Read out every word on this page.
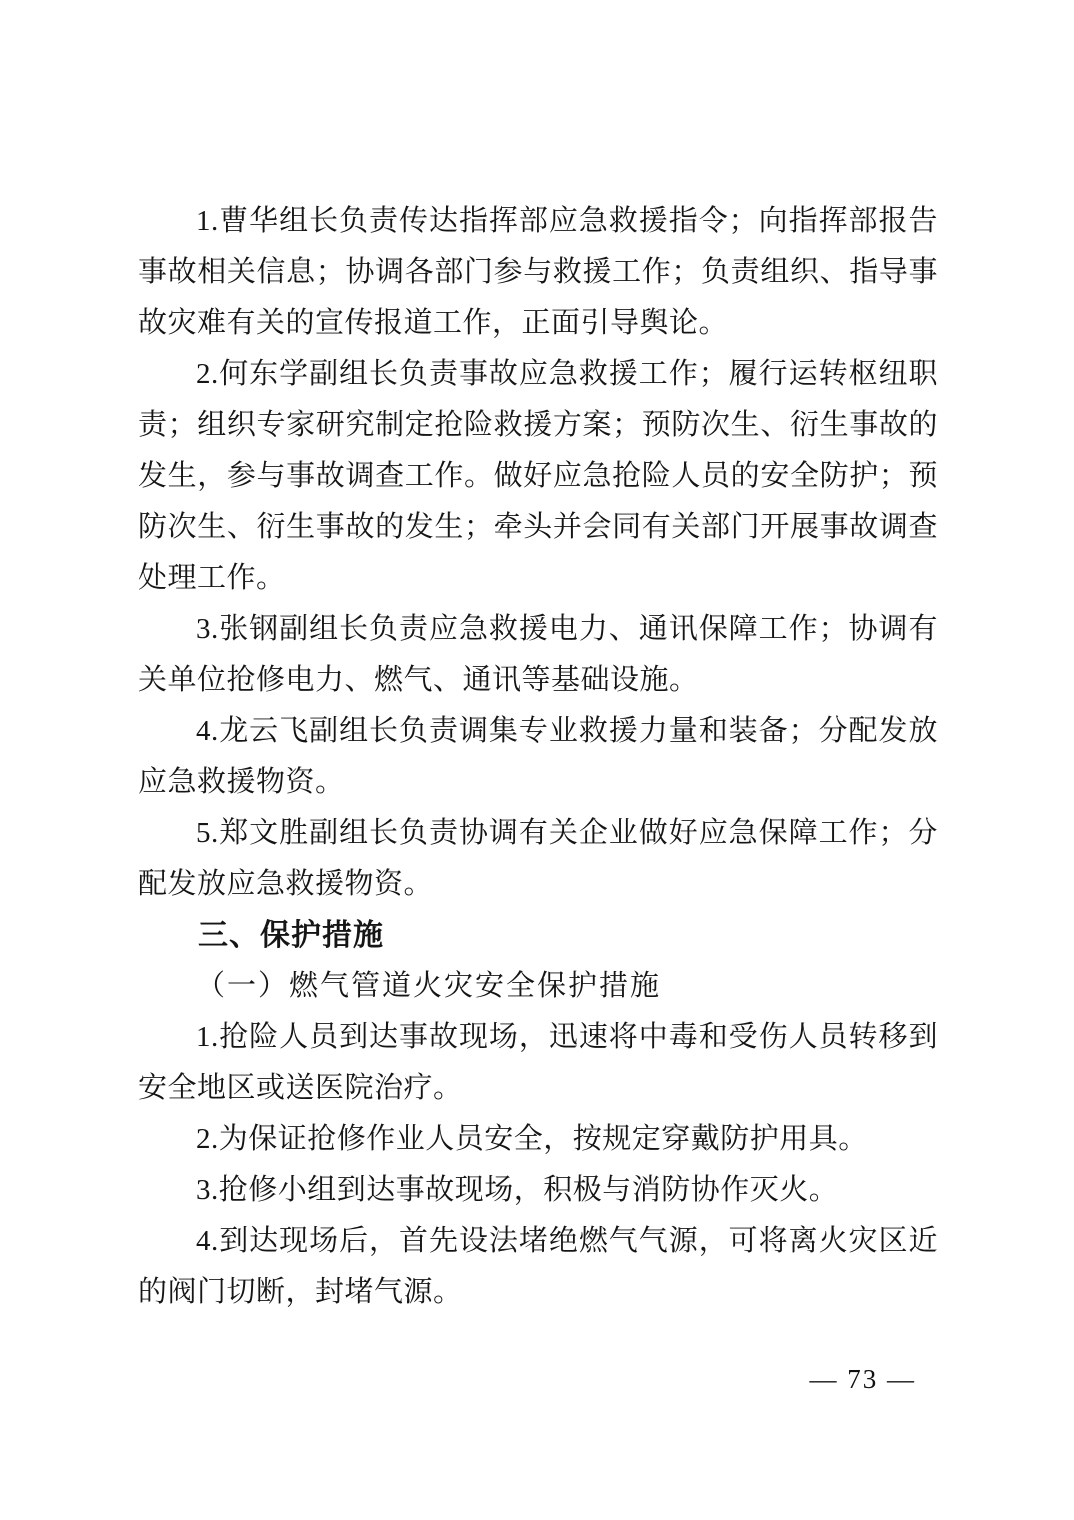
1.曹华组长负责传达指挥部应急救援指令；向指挥部报告事故相关信息；协调各部门参与救援工作；负责组织、指导事故灾难有关的宣传报道工作，正面引导舆论。

2.何东学副组长负责事故应急救援工作；履行运转枢纽职责；组织专家研究制定抢险救援方案；预防次生、衍生事故的发生，参与事故调查工作。做好应急抢险人员的安全防护；预防次生、衍生事故的发生；牵头并会同有关部门开展事故调查处理工作。

3.张钢副组长负责应急救援电力、通讯保障工作；协调有关单位抢修电力、燃气、通讯等基础设施。

4.龙云飞副组长负责调集专业救援力量和装备；分配发放应急救援物资。

5.郑文胜副组长负责协调有关企业做好应急保障工作；分配发放应急救援物资。

三、保护措施

（一）燃气管道火灾安全保护措施

1.抢险人员到达事故现场，迅速将中毒和受伤人员转移到安全地区或送医院治疗。

2.为保证抢修作业人员安全，按规定穿戴防护用具。

3.抢修小组到达事故现场，积极与消防协作灭火。

4.到达现场后，首先设法堵绝燃气气源，可将离火灾区近的阀门切断，封堵气源。

— 73 —
